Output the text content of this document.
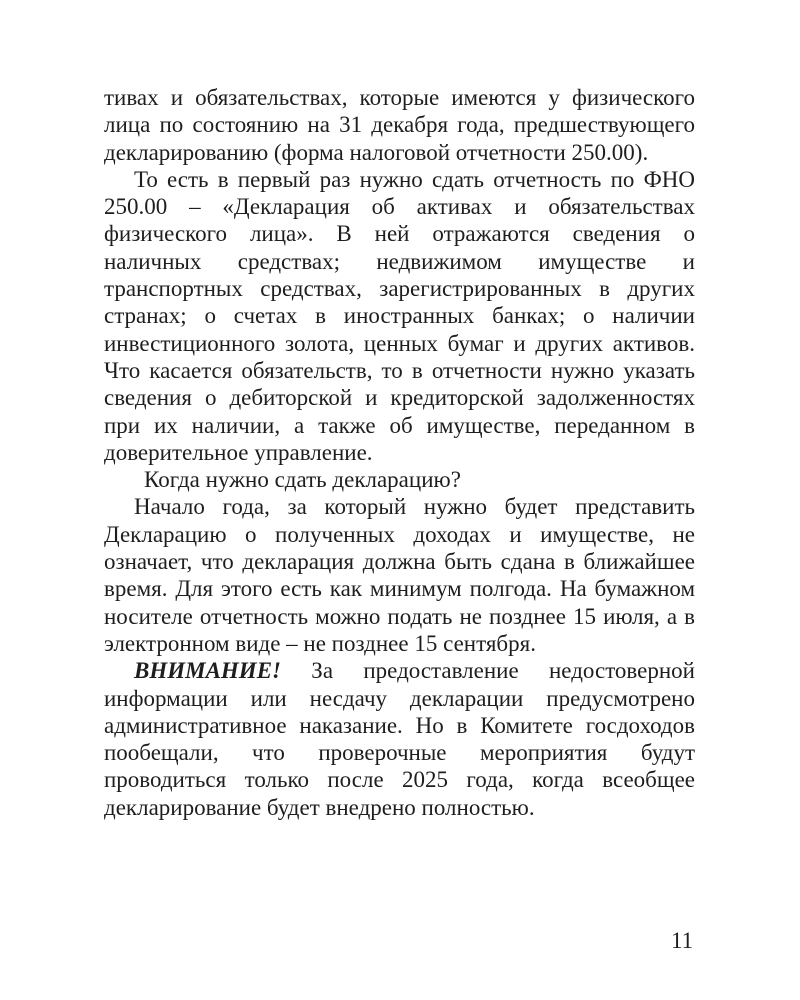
тивах и обязательствах, которые имеются у физического лица по состоянию на 31 декабря года, предшествующего декларированию (форма налоговой отчетности 250.00).

То есть в первый раз нужно сдать отчетность по ФНО 250.00 – «Декларация об активах и обязательствах физического лица». В ней отражаются сведения о наличных средствах; недвижимом имуществе и транспортных средствах, зарегистрированных в других странах; о счетах в иностранных банках; о наличии инвестиционного золота, ценных бумаг и других активов. Что касается обязательств, то в отчетности нужно указать сведения о дебиторской и кредиторской задолженностях при их наличии, а также об имуществе, переданном в доверительное управление.

Когда нужно сдать декларацию?

Начало года, за который нужно будет представить Декларацию о полученных доходах и имуществе, не означает, что декларация должна быть сдана в ближайшее время. Для этого есть как минимум полгода. На бумажном носителе отчетность можно подать не позднее 15 июля, а в электронном виде – не позднее 15 сентября.

ВНИМАНИЕ! За предоставление недостоверной информации или несдачу декларации предусмотрено административное наказание. Но в Комитете госдоходов пообещали, что проверочные мероприятия будут проводиться только после 2025 года, когда всеобщее декларирование будет внедрено полностью.

11
